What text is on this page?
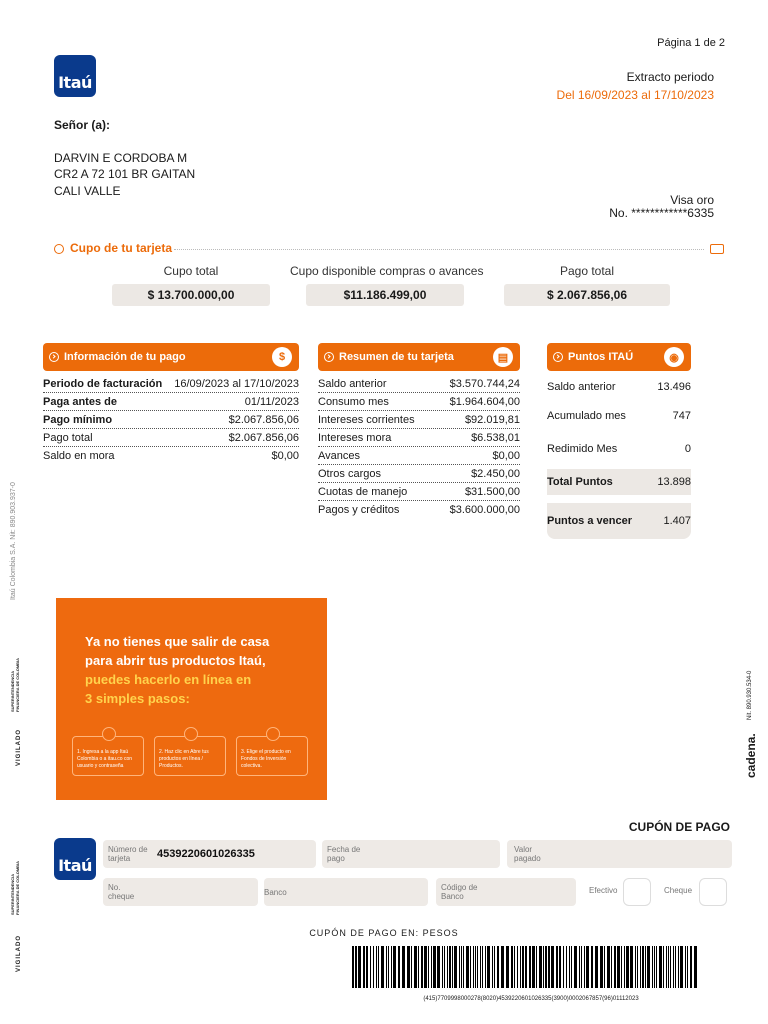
Página 1 de 2
Itaú	Extracto periodo
Del 16/09/2023 al 17/10/2023
Señor (a):
DARVIN E CORDOBA M
CR2 A 72 101 BR GAITAN
CALI VALLE
Visa oro
No. ************6335
Cupo de tu tarjeta
Cupo total
$ 13.700.000,00
Cupo disponible compras o avances
$11.186.499,00
Pago total
$ 2.067.856,06
Información de tu pago	$
Periodo de facturación 16/09/2023 al 17/10/2023
Paga antes de	01/11/2023
Pago mínimo	$2.067.856,06
Pago total	$2.067.856,06
Saldo en mora	$0,00
Resumen de tu tarjeta	▤
Saldo anterior	$3.570.744,24
Consumo mes	$1.964.604,00
Intereses corrientes	$92.019,81
Intereses mora	$6.538,01
Avances	$0,00
Otros cargos	$2.450,00
Cuotas de manejo	$31.500,00
Pagos y créditos	$3.600.000,00
Puntos ITAÚ	◉
Saldo anterior	13.496
Acumulado mes	747
Redimido Mes	0
Total Puntos	13.898
Puntos a vencer	1.407
Itaú Colombia S.A. Nit: 890.903.937-0
VIGILADO
SUPERINTENDENCIA FINANCIERA DE COLOMBIA
VIGILADO
SUPERINTENDENCIA FINANCIERA DE COLOMBIA
cadena.
Nit. 890.930.534-0
Ya no tienes que salir de casa
para abrir tus productos Itaú,
puedes hacerlo en línea en
3 simples pasos:
1. Ingresa a la app Itaú Colombia o a itau.co con usuario y contraseña
2. Haz clic en Abre tus productos en línea / Productos.
3. Elige el producto en Fondos de Inversión colectiva.
CUPÓN DE PAGO
Itaú
Número de tarjeta	4539220601026335	Fecha de pago
Valor pagado
No. cheque	Banco
Código de Banco
Efectivo	Cheque
CUPÓN DE PAGO EN: PESOS
(415)7709998000278(8020)4539220601026335(3900)0002067857(96)01112023
